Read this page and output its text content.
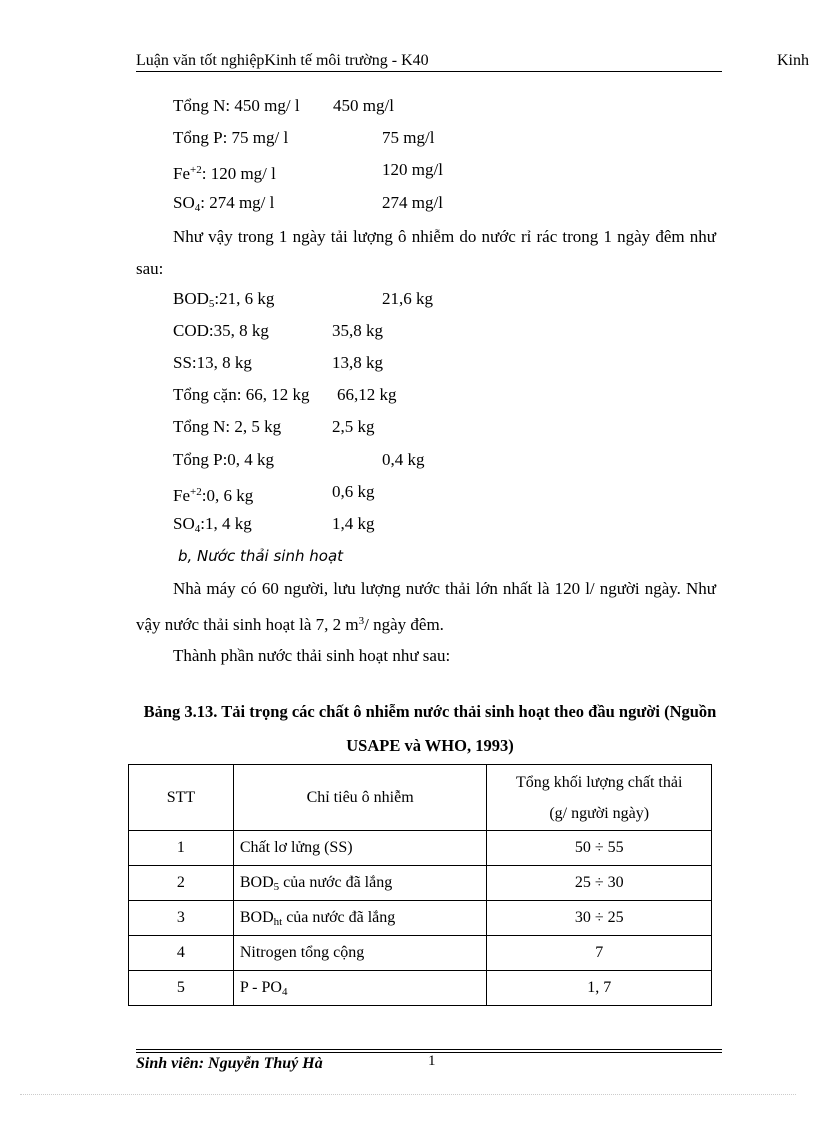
Luận văn tốt nghiệpKinh tế môi trường - K40	Kinh
Tổng N: 450 mg/ l 450 mg/l
Tổng P: 75 mg/ l	75 mg/l
$Fe^{+2}$: 120 mg/ l	120 mg/l
$SO_4$: 274 mg/ l	274 mg/l
Như vậy trong 1 ngày tải lượng ô nhiễm do nước rỉ rác trong 1 ngày đêm như sau:
$BOD_5:21$, 6 kg	21,6 kg
COD:35, 8 kg	35,8 kg
SS:13, 8 kg	13,8 kg
Tổng cặn: 66, 12 kg 66,12 kg
Tổng N: 2, 5 kg	2,5 kg
Tổng P:0, 4 kg	0,4 kg
$Fe^{+2}:0$, 6 kg	0,6 kg
$SO_4:1$, 4 kg	1,4 kg
b, Nước thải sinh hoạt
Nhà máy có 60 người, lưu lượng nước thải lớn nhất là 120 l/ người ngày. Như vậy nước thải sinh hoạt là 7, 2 $m^3/$ ngày đêm.
Thành phần nước thải sinh hoạt như sau:
Bảng 3.13. Tải trọng các chất ô nhiễm nước thải sinh hoạt theo đầu người (Nguồn USAPE và WHO, 1993)
STT	Chỉ tiêu ô nhiễm	Tổng khối lượng chất thải
(g/ người ngày)

1	Chất lơ lửng (SS)	50 ÷ 55
2	$BOD_5$ của nước đã lắng	25 ÷ 30
3	$BOD_{ht}$ của nước đã lắng	30 ÷ 25
4	Nitrogen tổng cộng	7
5	P - $PO_4$	1, 7
Sinh viên: Nguyễn Thuý Hà	1
